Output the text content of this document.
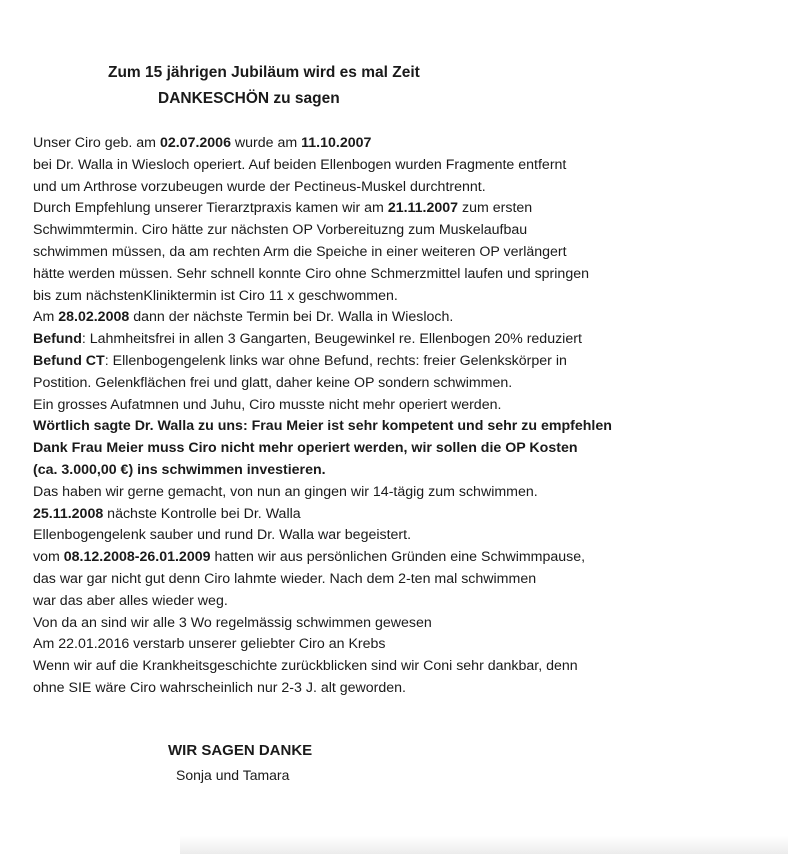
Zum 15 jährigen Jubiläum wird es mal Zeit
DANKESCHÖN zu sagen
Unser Ciro geb. am 02.07.2006 wurde am 11.10.2007
bei Dr. Walla in Wiesloch operiert. Auf beiden Ellenbogen wurden Fragmente entfernt
und um Arthrose vorzubeugen wurde der Pectineus-Muskel durchtrennt.
Durch Empfehlung unserer Tierarztpraxis kamen wir am 21.11.2007 zum ersten
Schwimmtermin. Ciro hätte zur nächsten OP Vorbereituzng zum Muskelaufbau
schwimmen müssen, da am rechten Arm die Speiche in einer weiteren OP verlängert
hätte werden müssen. Sehr schnell konnte Ciro ohne Schmerzmittel laufen und springen
bis zum nächstenKliniktermin ist Ciro 11 x geschwommen.
Am 28.02.2008 dann der nächste Termin bei Dr. Walla in Wiesloch.
Befund: Lahmheitsfrei in allen 3 Gangarten, Beugewinkel re. Ellenbogen 20% reduziert
Befund CT: Ellenbogengelenk links war ohne Befund, rechts: freier Gelenkskörper in
Postition. Gelenkflächen frei und glatt, daher keine OP sondern schwimmen.
Ein grosses Aufatmnen und Juhu, Ciro musste nicht mehr operiert werden.
Wörtlich sagte Dr. Walla zu uns: Frau Meier ist sehr kompetent und sehr zu empfehlen
Dank Frau Meier muss Ciro nicht mehr operiert werden, wir sollen die OP Kosten
(ca. 3.000,00 €) ins schwimmen investieren.
Das haben wir gerne gemacht, von nun an gingen wir 14-tägig zum schwimmen.
25.11.2008 nächste Kontrolle bei Dr. Walla
Ellenbogengelenk sauber und rund Dr. Walla war begeistert.
vom 08.12.2008-26.01.2009 hatten wir aus persönlichen Gründen eine Schwimmpause,
das war gar nicht gut denn Ciro lahmte wieder. Nach dem 2-ten mal schwimmen
war das aber alles wieder weg.
Von da an sind wir alle 3 Wo regelmässig schwimmen gewesen
Am 22.01.2016 verstarb unserer geliebter Ciro an Krebs
Wenn wir auf die Krankheitsgeschichte zurückblicken sind wir Coni sehr dankbar, denn
ohne SIE wäre Ciro wahrscheinlich nur 2-3 J. alt geworden.
WIR SAGEN DANKE
Sonja und Tamara
